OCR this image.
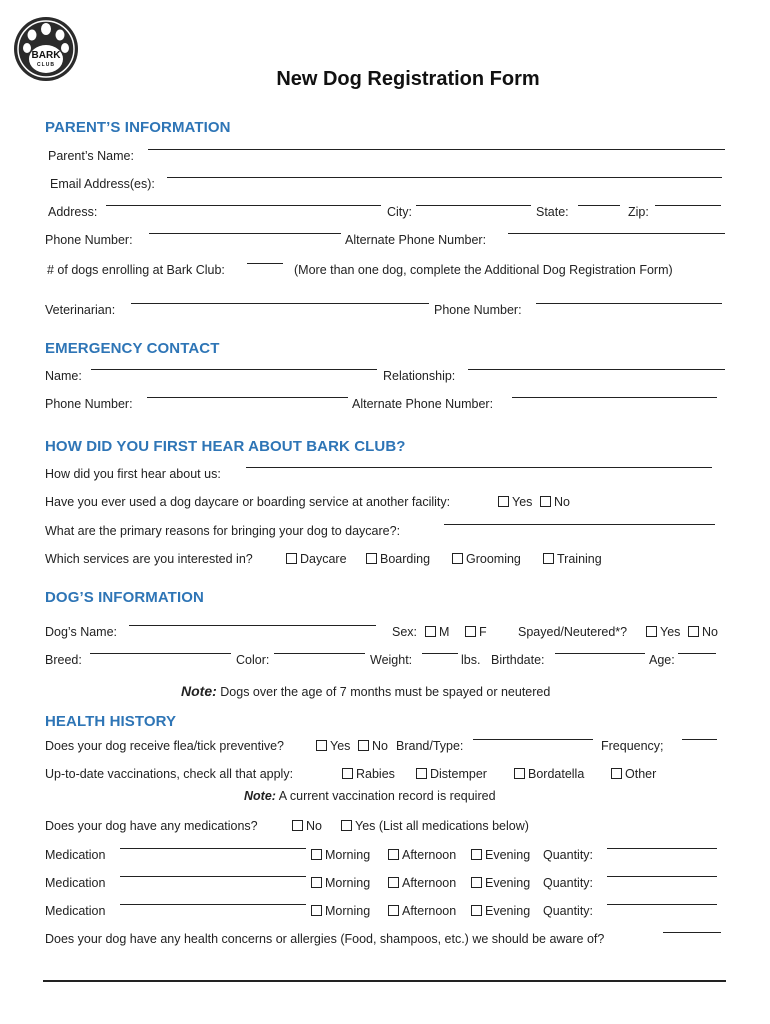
BARK
CLUB
New Dog Registration Form
PARENT’S INFORMATION
Parent’s Name:
Email Address(es):
Address:	City:	State:	Zip:
Phone Number:	Alternate Phone Number:
# of dogs enrolling at Bark Club:	(More than one dog, complete the Additional Dog Registration Form)
Veterinarian:	Phone Number:
EMERGENCY CONTACT
Name:	Relationship:
Phone Number:	Alternate Phone Number:
HOW DID YOU FIRST HEAR ABOUT BARK CLUB?
How did you first hear about us:
Have you ever used a dog daycare or boarding service at another facility:	Yes	No
What are the primary reasons for bringing your dog to daycare?:
Which services are you interested in?	Daycare	Boarding	Grooming	Training
DOG’S INFORMATION
Dog’s Name:	Sex:	M	F	Spayed/Neutered*?	Yes	No
Breed:	Color:	Weight:	lbs. Birthdate:	Age:
Note: Dogs over the age of 7 months must be spayed or neutered
HEALTH HISTORY
Does your dog receive flea/tick preventive?	Yes	No Brand/Type:	Frequency;
Up-to-date vaccinations, check all that apply:	Rabies	Distemper	Bordatella	Other
Note: A current vaccination record is required
Does your dog have any medications?	No	Yes (List all medications below)
Medication	Morning	Afternoon	Evening Quantity:
Medication	Morning	Afternoon	Evening Quantity:
Medication	Morning	Afternoon	Evening Quantity:
Does your dog have any health concerns or allergies (Food, shampoos, etc.) we should be aware of?
